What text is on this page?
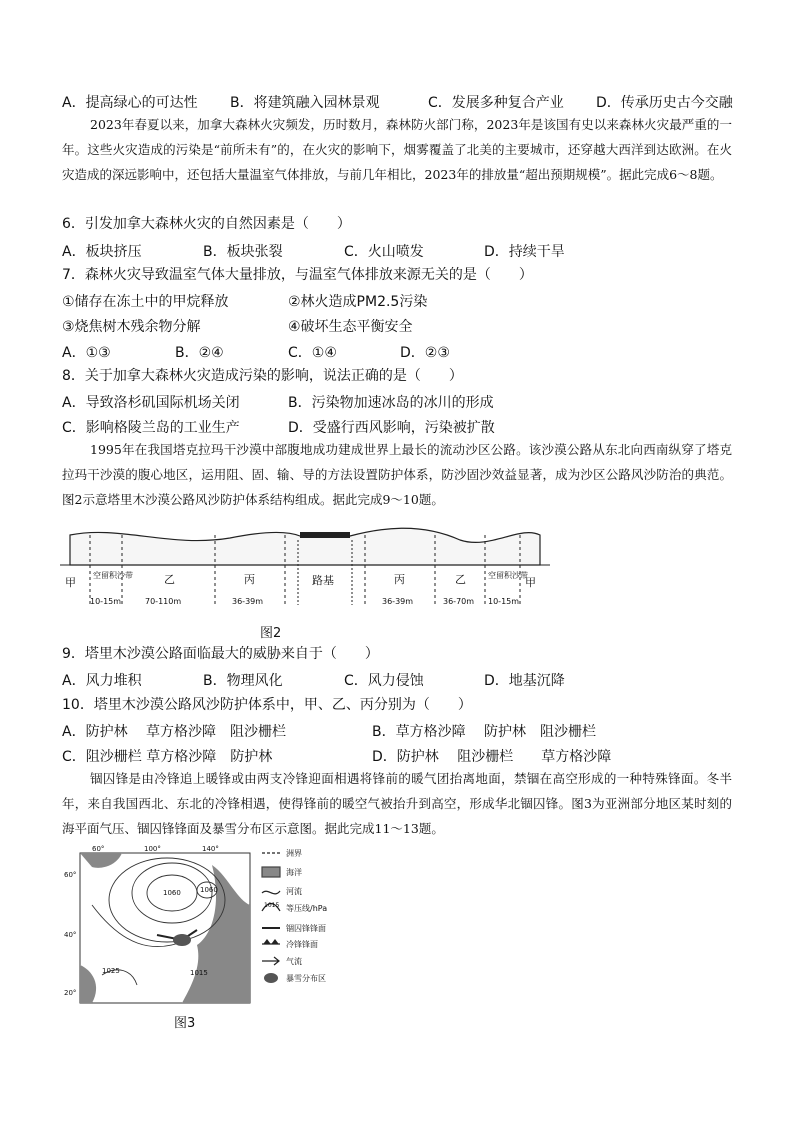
A．提高绿心的可达性 B．将建筑融入园林景观	C．发展多种复合产业 D．传承历史古今交融
2023年春夏以来，加拿大森林火灾频发，历时数月，森林防火部门称，2023年是该国有史以来森林火灾最严重的一年。这些火灾造成的污染是“前所未有”的，在火灾的影响下，烟雾覆盖了北美的主要城市，还穿越大西洋到达欧洲。在火灾造成的深远影响中，还包括大量温室气体排放，与前几年相比，2023年的排放量“超出预期规模”。据此完成6～8题。
6．引发加拿大森林火灾的自然因素是（　　）
A．板块挤压	B．板块张裂	C．火山喷发	D．持续干旱
7．森林火灾导致温室气体大量排放，与温室气体排放来源无关的是（　　）
①储存在冻土中的甲烷释放	②林火造成PM2.5污染
③烧焦树木残余物分解	④破坏生态平衡安全
A．①③	B．②④	C．①④	D．②③
8．关于加拿大森林火灾造成污染的影响，说法正确的是（　　）
A．导致洛杉矶国际机场关闭	B．污染物加速冰岛的冰川的形成
C．影响格陵兰岛的工业生产	D．受盛行西风影响，污染被扩散
1995年在我国塔克拉玛干沙漠中部腹地成功建成世界上最长的流动沙区公路。该沙漠公路从东北向西南纵穿了塔克拉玛干沙漠的腹心地区，运用阻、固、输、导的方法设置防护体系，防沙固沙效益显著，成为沙区公路风沙防治的典范。图2示意塔里木沙漠公路风沙防护体系结构组成。据此完成9～10题。
甲
空留积沙带
10-15m
乙
70-110m
丙
36-39m
路基	丙
36-39m
乙
36-70m
空留积沙带
10-15m
甲
图2
9．塔里木沙漠公路面临最大的威胁来自于（　　）
A．风力堆积	B．物理风化	C．风力侵蚀	D．地基沉降
10．塔里木沙漠公路风沙防护体系中，甲、乙、丙分别为（　　）
A．防护林　 草方格沙障　阻沙栅栏	B．草方格沙障　 防护林　阻沙栅栏
C．阻沙栅栏 草方格沙障　防护林	D．防护林　 阻沙栅栏　　草方格沙障
锢囚锋是由冷锋追上暖锋或由两支冷锋迎面相遇将锋前的暖气团抬离地面，禁锢在高空形成的一种特殊锋面。冬半年，来自我国西北、东北的冷锋相遇，使得锋前的暖空气被抬升到高空，形成华北锢囚锋。图3为亚洲部分地区某时刻的海平面气压、锢囚锋锋面及暴雪分布区示意图。据此完成11～13题。
60°	100°	140°
60°
40°
20°
1060	1060
1025	1015
图3
1015
洲界
海洋
河流
等压线/hPa
锢囚锋锋面
冷锋锋面
气流
暴雪分布区
